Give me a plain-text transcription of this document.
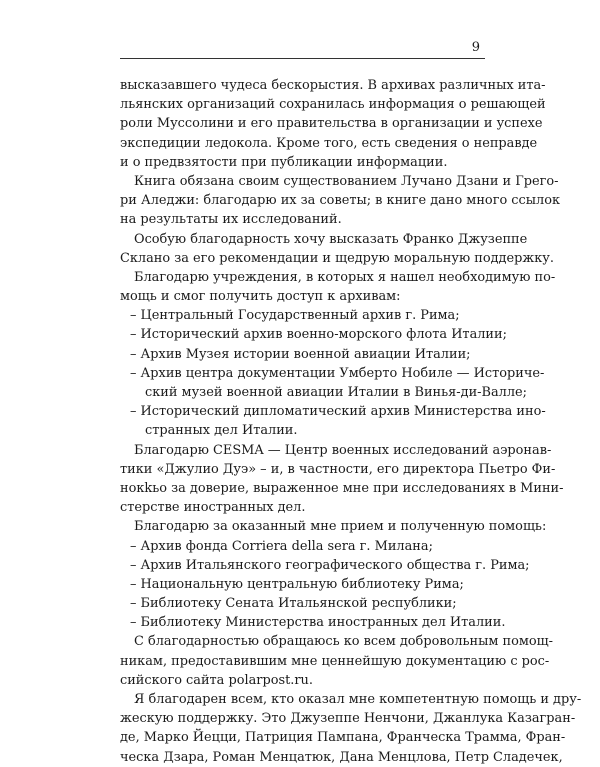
9
высказавшего чудеса бескорыстия. В архивах различных ита-
льянских организаций сохранилась информация о решающей
роли Муссолини и его правительства в организации и успехе
экспедиции ледокола. Кроме того, есть сведения о неправде
и о предвзятости при публикации информации.
Книга обязана своим существованием Лучано Дзани и Грего-
ри Аледжи: благодарю их за советы; в книге дано много ссылок
на результаты их исследований.
Особую благодарность хочу высказать Франко Джузеппе
Склано за его рекомендации и щедрую моральную поддержку.
Благодарю учреждения, в которых я нашел необходимую по-
мощь и смог получить доступ к архивам:
– Центральный Государственный архив г. Рима;
– Исторический архив военно-морского флота Италии;
– Архив Музея истории военной авиации Италии;
– Архив центра документации Умберто Нобиле — Историче-
ский музей военной авиации Италии в Винья-ди-Валле;
– Исторический дипломатический архив Министерства ино-
странных дел Италии.
Благодарю CESMA — Центр военных исследований аэронав-
тики «Джулио Дуэ» – и, в частности, его директора Пьетро Фи-
нокkьо за доверие, выраженное мне при исследованиях в Мини-
стерстве иностранных дел.
Благодарю за оказанный мне прием и полученную помощь:
– Архив фонда Corriera della sera г. Милана;
– Архив Итальянского географического общества г. Рима;
– Национальную центральную библиотеку Рима;
– Библиотеку Сената Итальянской республики;
– Библиотеку Министерства иностранных дел Италии.
С благодарностью обращаюсь ко всем добровольным помощ-
никам, предоставившим мне ценнейшую документацию с рос-
сийского сайта polarpost.ru.
Я благодарен всем, кто оказал мне компетентную помощь и дру-
жескую поддержку. Это Джузеппе Ненчони, Джанлука Казагран-
де, Марко Йецци, Патриция Пампана, Франческа Трамма, Фран-
ческа Дзара, Роман Менцатюк, Дана Менцлова, Петр Сладечек,
